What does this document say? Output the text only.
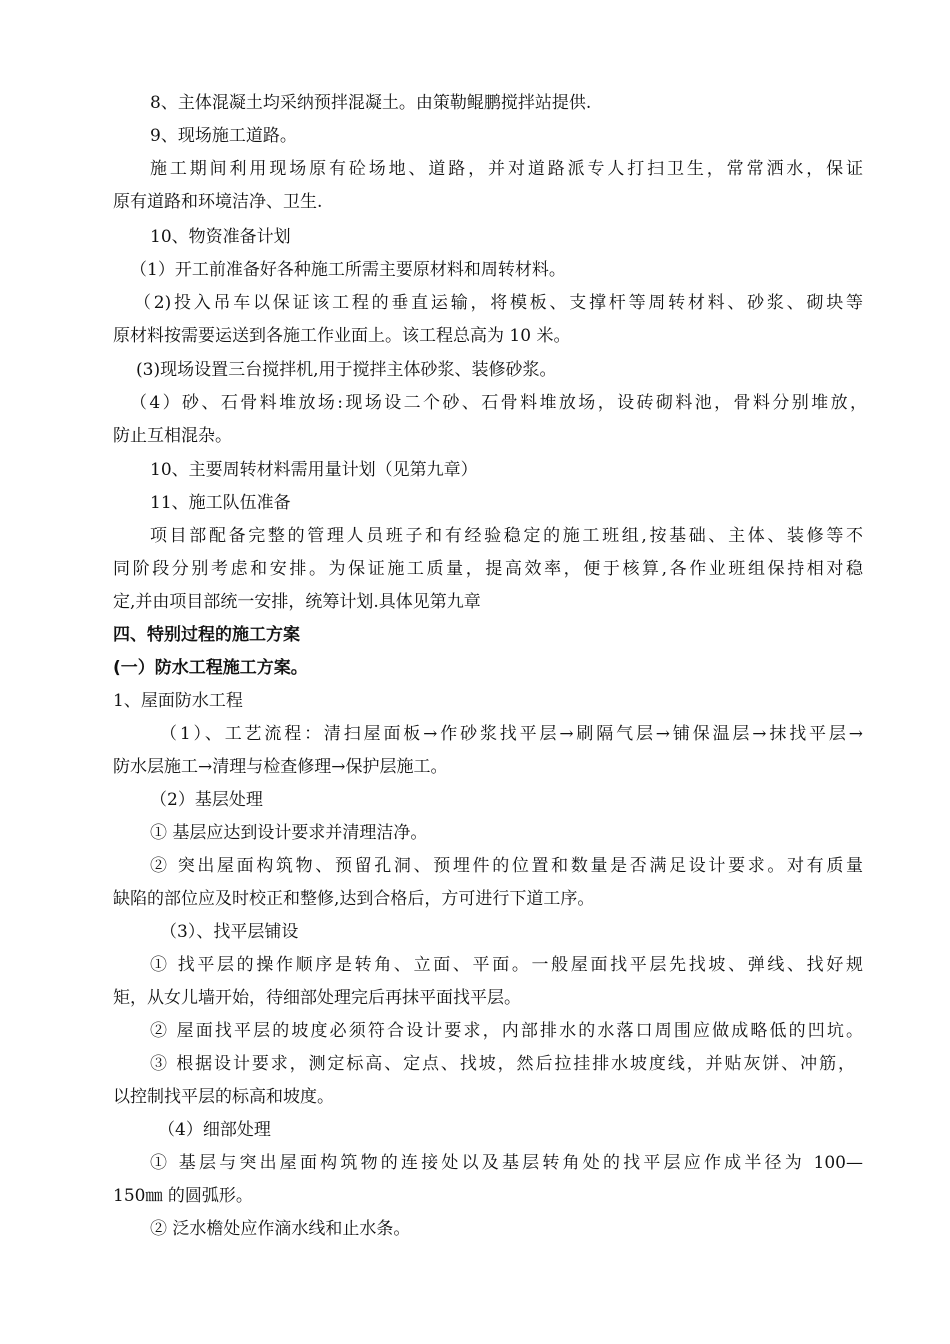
8、主体混凝土均采纳预拌混凝土。由策勒鲲鹏搅拌站提供.
9、现场施工道路。
施工期间利用现场原有砼场地、道路，并对道路派专人打扫卫生，常常洒水，保证
原有道路和环境洁净、卫生.
10、物资准备计划
（1）开工前准备好各种施工所需主要原材料和周转材料。
（2)投入吊车以保证该工程的垂直运输，将模板、支撑杆等周转材料、砂浆、砌块等
原材料按需要运送到各施工作业面上。该工程总高为 10 米。
(3)现场设置三台搅拌机,用于搅拌主体砂浆、装修砂浆。
（4）砂、石骨料堆放场:现场设二个砂、石骨料堆放场，设砖砌料池，骨料分别堆放，
防止互相混杂。
10、主要周转材料需用量计划（见第九章）
11、施工队伍准备
项目部配备完整的管理人员班子和有经验稳定的施工班组,按基础、主体、装修等不
同阶段分别考虑和安排。为保证施工质量，提高效率，便于核算,各作业班组保持相对稳
定,并由项目部统一安排，统筹计划.具体见第九章
四、特别过程的施工方案
(一）防水工程施工方案。
1、屋面防水工程
（1）、工艺流程：清扫屋面板→作砂浆找平层→刷隔气层→铺保温层→抹找平层→
防水层施工→清理与检查修理→保护层施工。
（2）基层处理
① 基层应达到设计要求并清理洁净。
② 突出屋面构筑物、预留孔洞、预埋件的位置和数量是否满足设计要求。对有质量
缺陷的部位应及时校正和整修,达到合格后，方可进行下道工序。
（3）、找平层铺设
① 找平层的操作顺序是转角、立面、平面。一般屋面找平层先找坡、弹线、找好规
矩，从女儿墙开始，待细部处理完后再抹平面找平层。
② 屋面找平层的坡度必须符合设计要求，内部排水的水落口周围应做成略低的凹坑。
③ 根据设计要求，测定标高、定点、找坡，然后拉挂排水坡度线，并贴灰饼、冲筋，
以控制找平层的标高和坡度。
（4）细部处理
① 基层与突出屋面构筑物的连接处以及基层转角处的找平层应作成半径为 100—
150㎜ 的圆弧形。
② 泛水檐处应作滴水线和止水条。
